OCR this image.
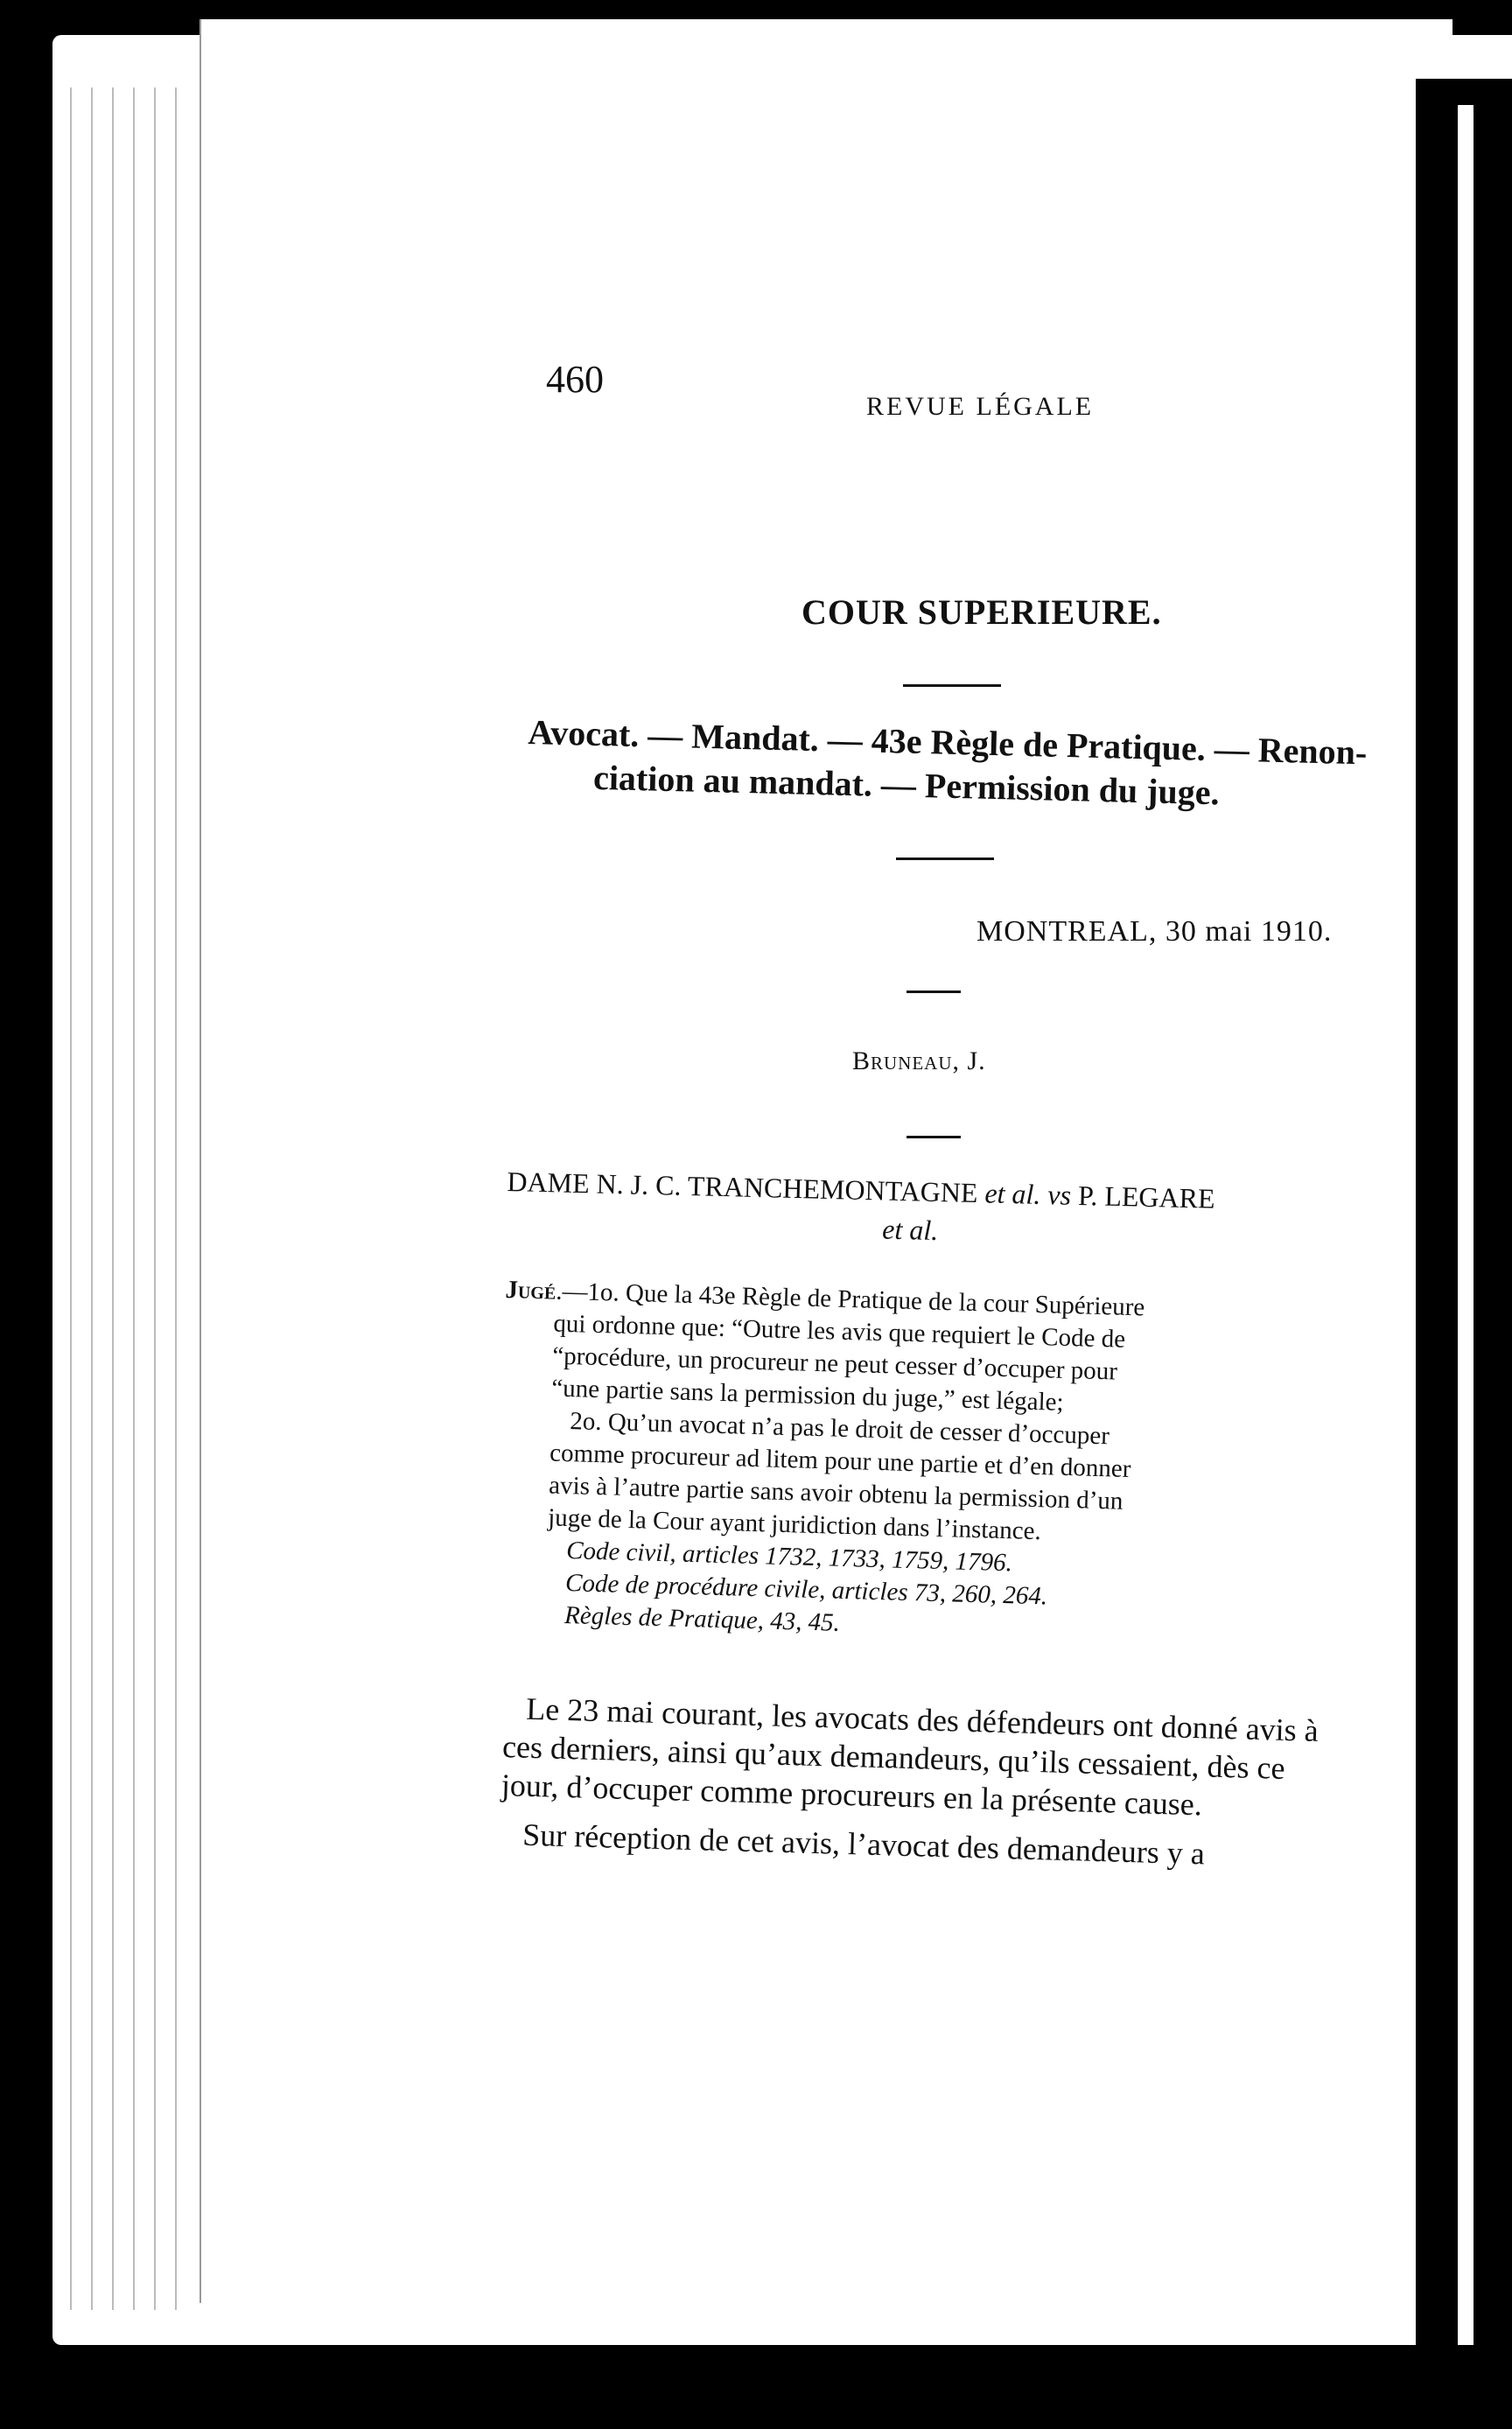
460
REVUE LÉGALE
COUR SUPERIEURE.
Avocat. — Mandat. — 43e Règle de Pratique. — Renon-
ciation au mandat. — Permission du juge.
MONTREAL, 30 mai 1910.
Bruneau, J.
DAME N. J. C. TRANCHEMONTAGNE et al. vs P. LEGARE
et al.

Jugé.—1o. Que la 43e Règle de Pratique de la cour Supérieure

qui ordonne que: “Outre les avis que requiert le Code de

“procédure, un procureur ne peut cesser d’occuper pour

“une partie sans la permission du juge,” est légale;

2o. Qu’un avocat n’a pas le droit de cesser d’occuper

comme procureur ad litem pour une partie et d’en donner

avis à l’autre partie sans avoir obtenu la permission d’un

juge de la Cour ayant juridiction dans l’instance.

Code civil, articles 1732, 1733, 1759, 1796.

Code de procédure civile, articles 73, 260, 264.

Règles de Pratique, 43, 45.

Le 23 mai courant, les avocats des défendeurs ont donné avis à ces derniers, ainsi qu’aux demandeurs, qu’ils cessaient, dès ce jour, d’occuper comme procureurs en la présente cause.

Sur réception de cet avis, l’avocat des demandeurs y a
